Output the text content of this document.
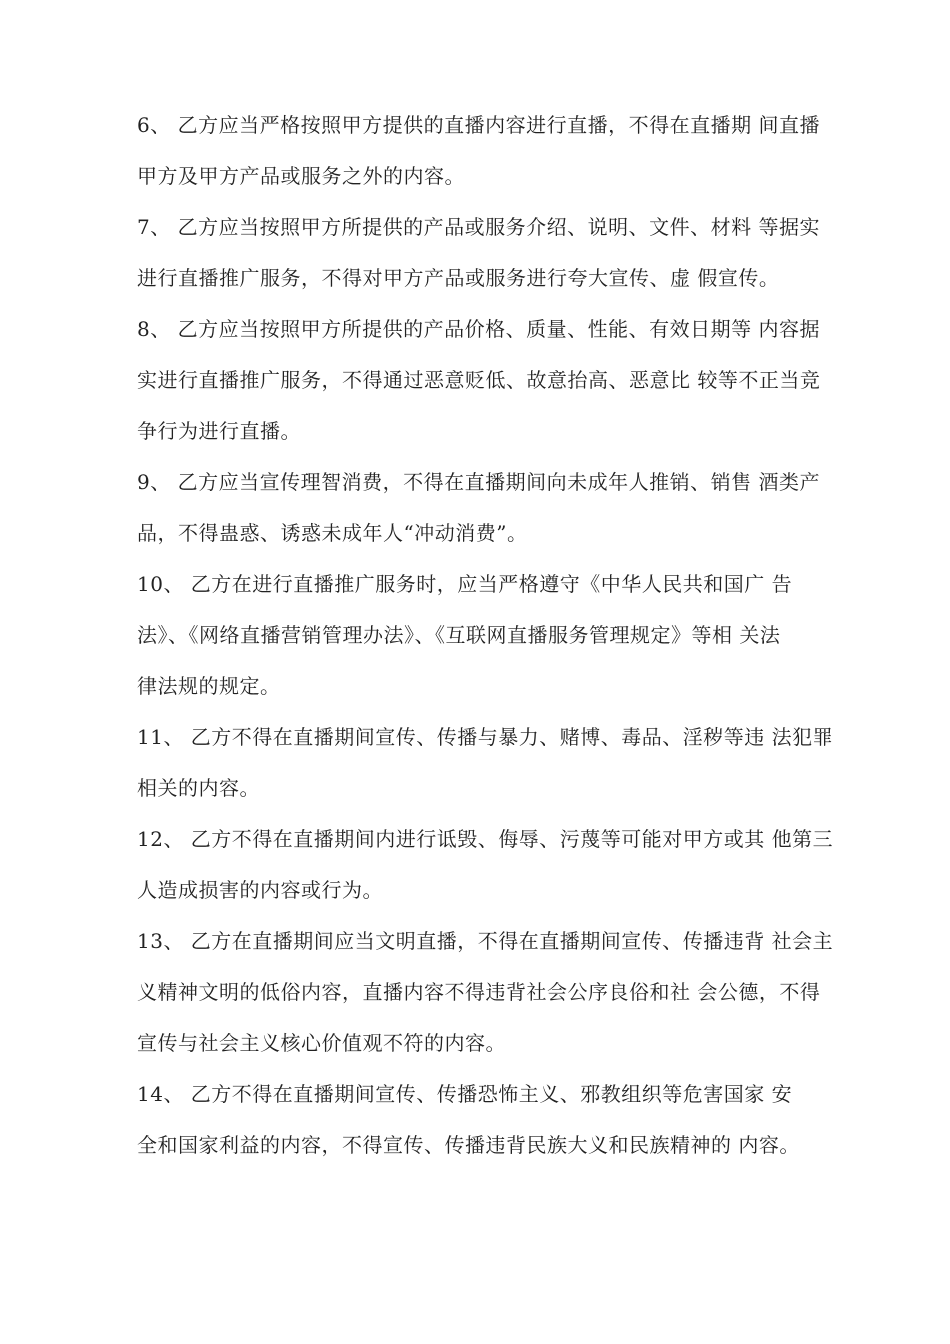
6、 乙方应当严格按照甲方提供的直播内容进行直播，不得在直播期 间直播
甲方及甲方产品或服务之外的内容。
7、 乙方应当按照甲方所提供的产品或服务介绍、说明、文件、材料 等据实
进行直播推广服务，不得对甲方产品或服务进行夸大宣传、虚 假宣传。
8、 乙方应当按照甲方所提供的产品价格、质量、性能、有效日期等 内容据
实进行直播推广服务，不得通过恶意贬低、故意抬高、恶意比 较等不正当竞
争行为进行直播。
9、 乙方应当宣传理智消费，不得在直播期间向未成年人推销、销售 酒类产
品，不得蛊惑、诱惑未成年人“冲动消费”。
10、 乙方在进行直播推广服务时，应当严格遵守《中华人民共和国广 告
法》、《网络直播营销管理办法》、《互联网直播服务管理规定》等相 关法
律法规的规定。
11、 乙方不得在直播期间宣传、传播与暴力、赌博、毒品、淫秽等违 法犯罪
相关的内容。
12、 乙方不得在直播期间内进行诋毁、侮辱、污蔑等可能对甲方或其 他第三
人造成损害的内容或行为。
13、 乙方在直播期间应当文明直播，不得在直播期间宣传、传播违背 社会主
义精神文明的低俗内容，直播内容不得违背社会公序良俗和社 会公德，不得
宣传与社会主义核心价值观不符的内容。
14、 乙方不得在直播期间宣传、传播恐怖主义、邪教组织等危害国家 安
全和国家利益的内容，不得宣传、传播违背民族大义和民族精神的 内容。
